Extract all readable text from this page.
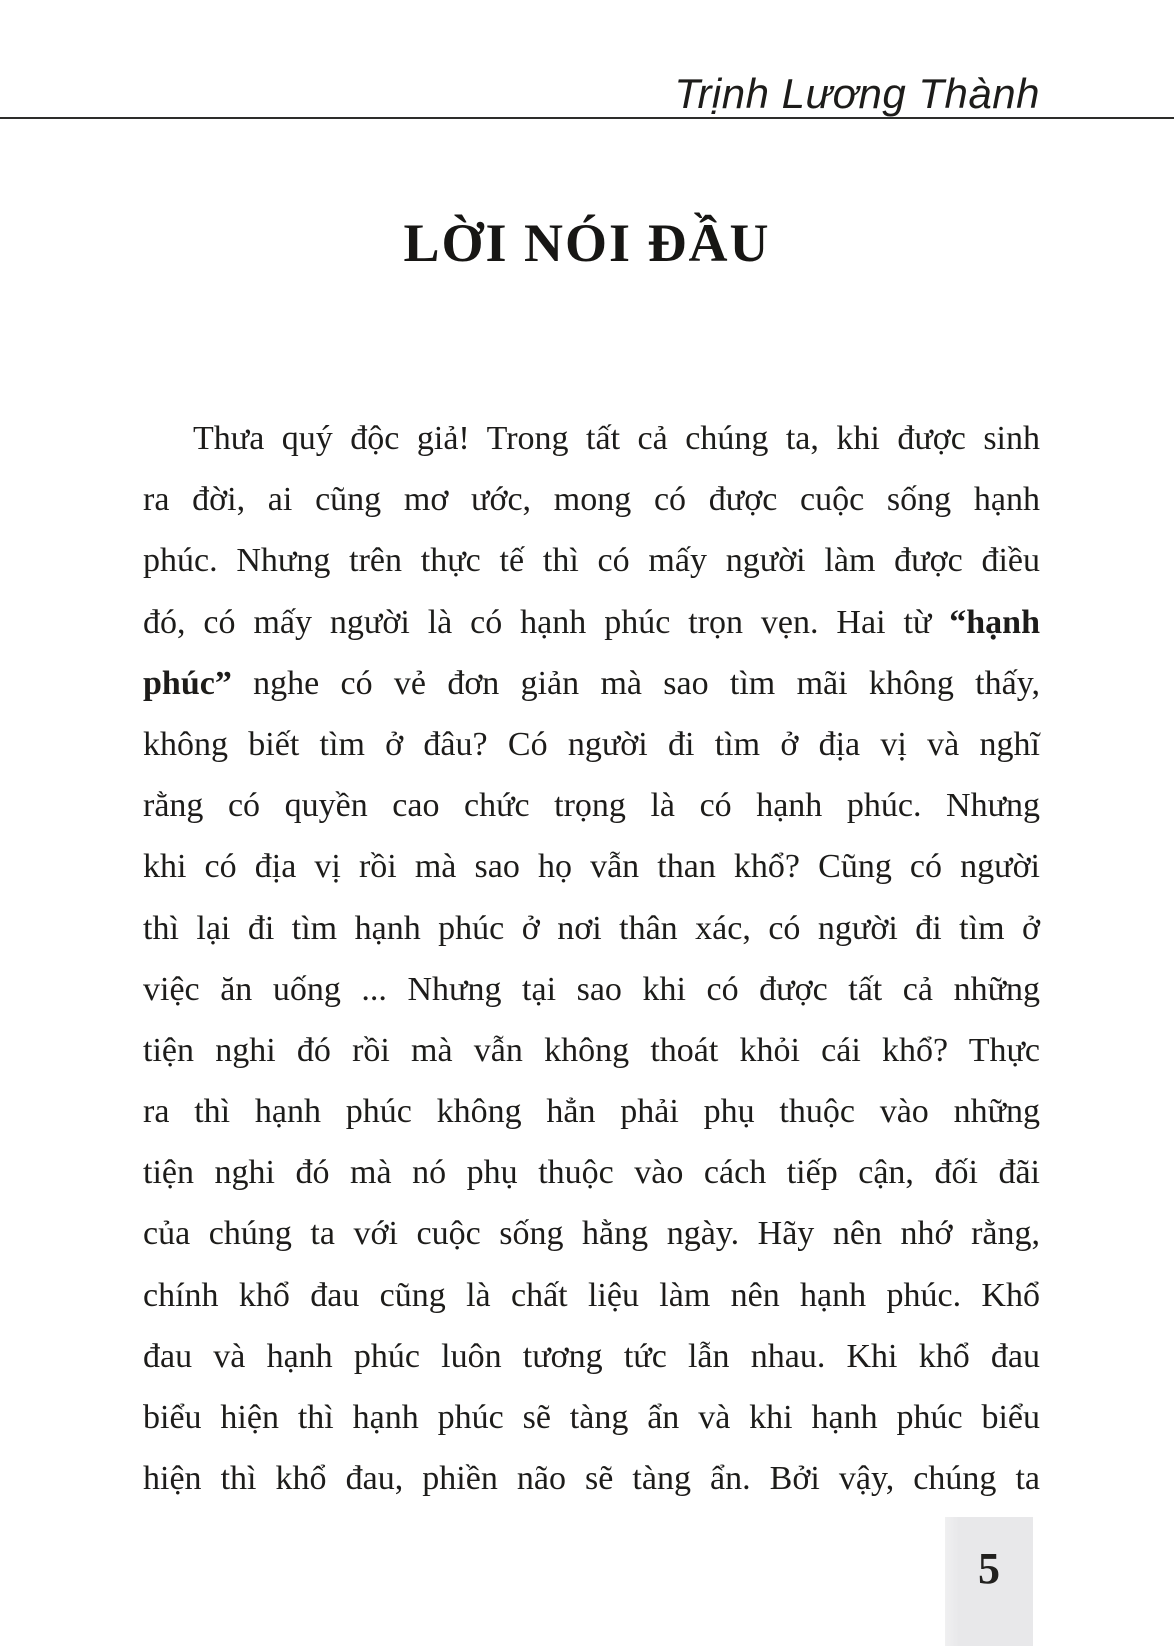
Trịnh Lương Thành
LỜI NÓI ĐẦU
Thưa quý độc giả! Trong tất cả chúng ta, khi được sinh
ra đời, ai cũng mơ ước, mong có được cuộc sống hạnh
phúc. Nhưng trên thực tế thì có mấy người làm được điều
đó, có mấy người là có hạnh phúc trọn vẹn. Hai từ “hạnh
phúc” nghe có vẻ đơn giản mà sao tìm mãi không thấy,
không biết tìm ở đâu? Có người đi tìm ở địa vị và nghĩ
rằng có quyền cao chức trọng là có hạnh phúc. Nhưng
khi có địa vị rồi mà sao họ vẫn than khổ? Cũng có người
thì lại đi tìm hạnh phúc ở nơi thân xác, có người đi tìm ở
việc ăn uống ... Nhưng tại sao khi có được tất cả những
tiện nghi đó rồi mà vẫn không thoát khỏi cái khổ? Thực
ra thì hạnh phúc không hẳn phải phụ thuộc vào những
tiện nghi đó mà nó phụ thuộc vào cách tiếp cận, đối đãi
của chúng ta với cuộc sống hằng ngày. Hãy nên nhớ rằng,
chính khổ đau cũng là chất liệu làm nên hạnh phúc. Khổ
đau và hạnh phúc luôn tương tức lẫn nhau. Khi khổ đau
biểu hiện thì hạnh phúc sẽ tàng ẩn và khi hạnh phúc biểu
hiện thì khổ đau, phiền não sẽ tàng ẩn. Bởi vậy, chúng ta
5
